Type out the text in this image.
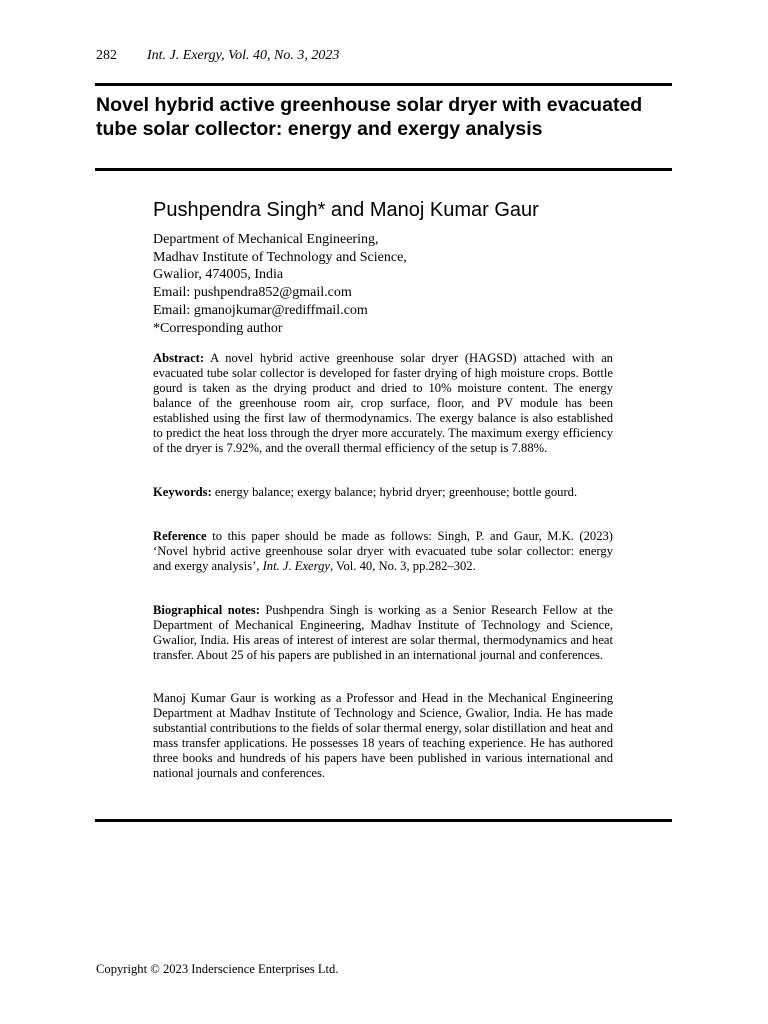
282 Int. J. Exergy, Vol. 40, No. 3, 2023
Novel hybrid active greenhouse solar dryer with evacuated tube solar collector: energy and exergy analysis

Pushpendra Singh* and Manoj Kumar Gaur

Department of Mechanical Engineering,
Madhav Institute of Technology and Science,
Gwalior, 474005, India
Email: pushpendra852@gmail.com
Email: gmanojkumar@rediffmail.com
*Corresponding author

Abstract: A novel hybrid active greenhouse solar dryer (HAGSD) attached with an evacuated tube solar collector is developed for faster drying of high moisture crops. Bottle gourd is taken as the drying product and dried to 10% moisture content. The energy balance of the greenhouse room air, crop surface, floor, and PV module has been established using the first law of thermodynamics. The exergy balance is also established to predict the heat loss through the dryer more accurately. The maximum exergy efficiency of the dryer is 7.92%, and the overall thermal efficiency of the setup is 7.88%.

Keywords: energy balance; exergy balance; hybrid dryer; greenhouse; bottle gourd.

Reference to this paper should be made as follows: Singh, P. and Gaur, M.K. (2023) ‘Novel hybrid active greenhouse solar dryer with evacuated tube solar collector: energy and exergy analysis’, Int. J. Exergy, Vol. 40, No. 3, pp.282–302.

Biographical notes: Pushpendra Singh is working as a Senior Research Fellow at the Department of Mechanical Engineering, Madhav Institute of Technology and Science, Gwalior, India. His areas of interest of interest are solar thermal, thermodynamics and heat transfer. About 25 of his papers are published in an international journal and conferences.

Manoj Kumar Gaur is working as a Professor and Head in the Mechanical Engineering Department at Madhav Institute of Technology and Science, Gwalior, India. He has made substantial contributions to the fields of solar thermal energy, solar distillation and heat and mass transfer applications. He possesses 18 years of teaching experience. He has authored three books and hundreds of his papers have been published in various international and national journals and conferences.

Copyright © 2023 Inderscience Enterprises Ltd.
